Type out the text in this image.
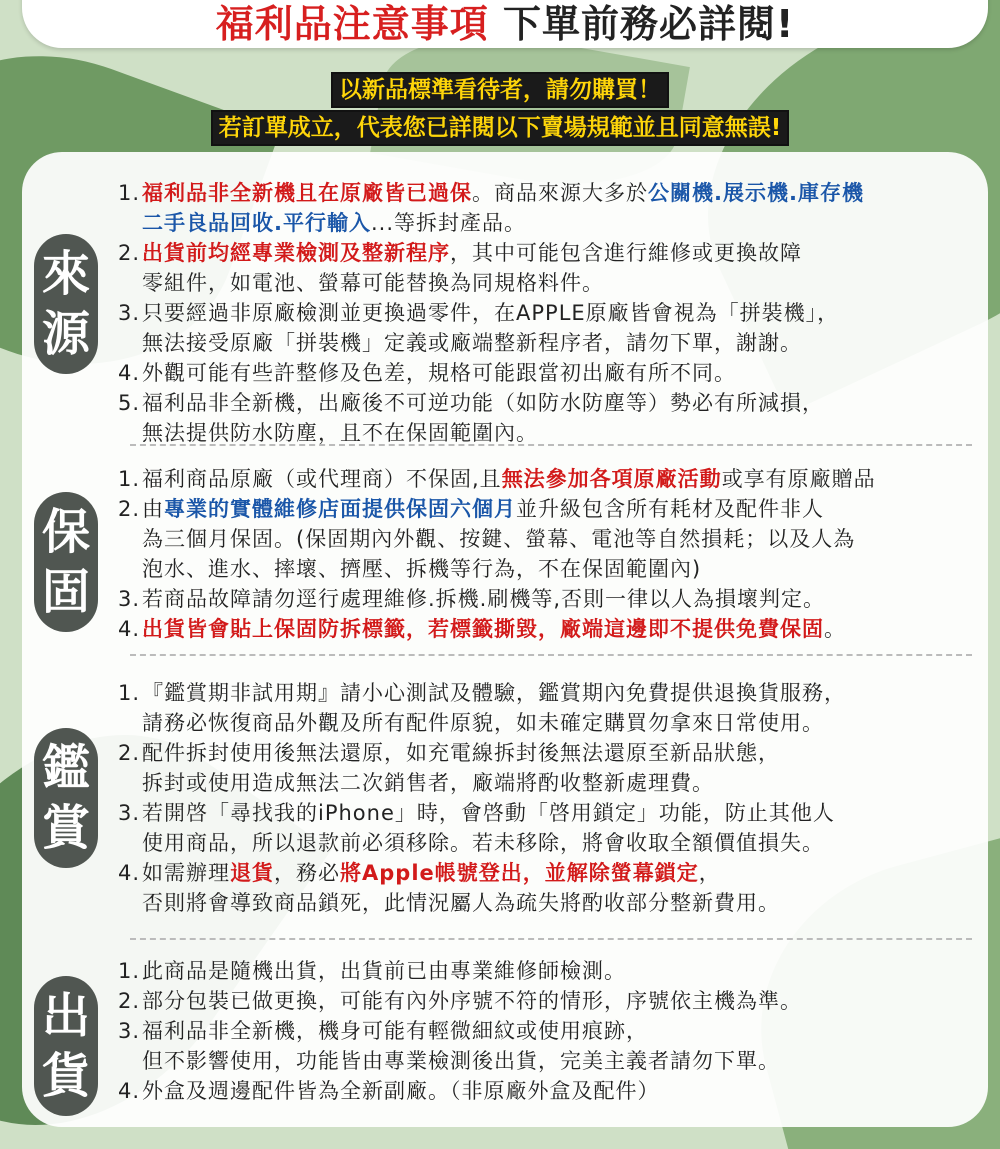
福利品注意事項 下單前務必詳閱!
以新品標準看待者，請勿購買！
若訂單成立，代表您已詳閱以下賣場規範並且同意無誤!
來
源
1. 福利品非全新機且在原廠皆已過保。商品來源大多於公關機.展示機.庫存機
二手良品回收.平行輸入...等拆封產品。
2. 出貨前均經專業檢測及整新程序，其中可能包含進行維修或更換故障
零組件，如電池、螢幕可能替換為同規格料件。
3. 只要經過非原廠檢測並更換過零件，在APPLE原廠皆會視為「拼裝機」，
無法接受原廠「拼裝機」定義或廠端整新程序者，請勿下單，謝謝。
4. 外觀可能有些許整修及色差，規格可能跟當初出廠有所不同。
5. 福利品非全新機，出廠後不可逆功能（如防水防塵等）勢必有所減損，
無法提供防水防塵，且不在保固範圍內。
保
固
1. 福利商品原廠（或代理商）不保固,且無法參加各項原廠活動或享有原廠贈品
2. 由專業的實體維修店面提供保固六個月並升級包含所有耗材及配件非人
為三個月保固。(保固期內外觀、按鍵、螢幕、電池等自然損耗；以及人為
泡水、進水、摔壞、擠壓、拆機等行為，不在保固範圍內)
3. 若商品故障請勿逕行處理維修.拆機.刷機等,否則一律以人為損壞判定。
4. 出貨皆會貼上保固防拆標籤，若標籤撕毀，廠端這邊即不提供免費保固。
鑑
賞
1. 『鑑賞期非試用期』請小心測試及體驗，鑑賞期內免費提供退換貨服務，
請務必恢復商品外觀及所有配件原貌，如未確定購買勿拿來日常使用。
2. 配件拆封使用後無法還原，如充電線拆封後無法還原至新品狀態，
拆封或使用造成無法二次銷售者，廠端將酌收整新處理費。
3. 若開啓「尋找我的iPhone」時，會啓動「啓用鎖定」功能，防止其他人
使用商品，所以退款前必須移除。若未移除，將會收取全額價值損失。
4. 如需辦理退貨，務必將Apple帳號登出，並解除螢幕鎖定，
否則將會導致商品鎖死，此情況屬人為疏失將酌收部分整新費用。
出
貨
1. 此商品是隨機出貨，出貨前已由專業維修師檢測。
2. 部分包裝已做更換，可能有內外序號不符的情形，序號依主機為準。
3. 福利品非全新機，機身可能有輕微細紋或使用痕跡，
但不影響使用，功能皆由專業檢測後出貨，完美主義者請勿下單。
4. 外盒及週邊配件皆為全新副廠。（非原廠外盒及配件）
